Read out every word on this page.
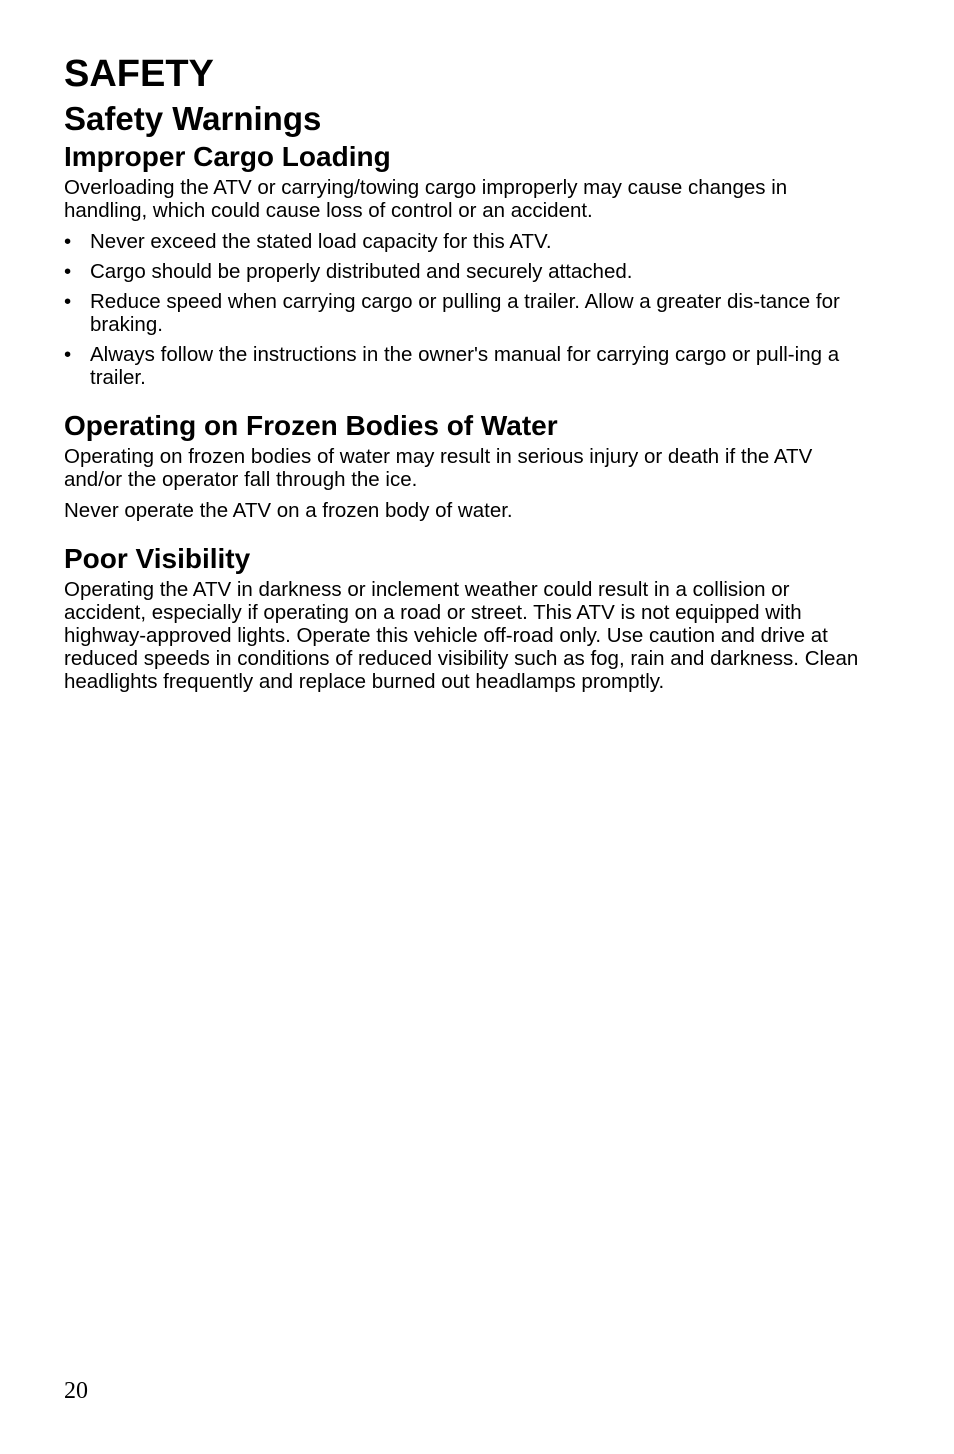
SAFETY
Safety Warnings
Improper Cargo Loading

Overloading the ATV or carrying/towing cargo improperly may cause changes in handling, which could cause loss of control or an accident.

• Never exceed the stated load capacity for this ATV.
• Cargo should be properly distributed and securely attached.
• Reduce speed when carrying cargo or pulling a trailer. Allow a greater dis-tance for braking.
• Always follow the instructions in the owner's manual for carrying cargo or pull-ing a trailer.
Operating on Frozen Bodies of Water

Operating on frozen bodies of water may result in serious injury or death if the ATV and/or the operator fall through the ice.

Never operate the ATV on a frozen body of water.

Poor Visibility

Operating the ATV in darkness or inclement weather could result in a collision or accident, especially if operating on a road or street. This ATV is not equipped with highway-approved lights. Operate this vehicle off-road only. Use caution and drive at reduced speeds in conditions of reduced visibility such as fog, rain and darkness. Clean headlights frequently and replace burned out headlamps promptly.

20
